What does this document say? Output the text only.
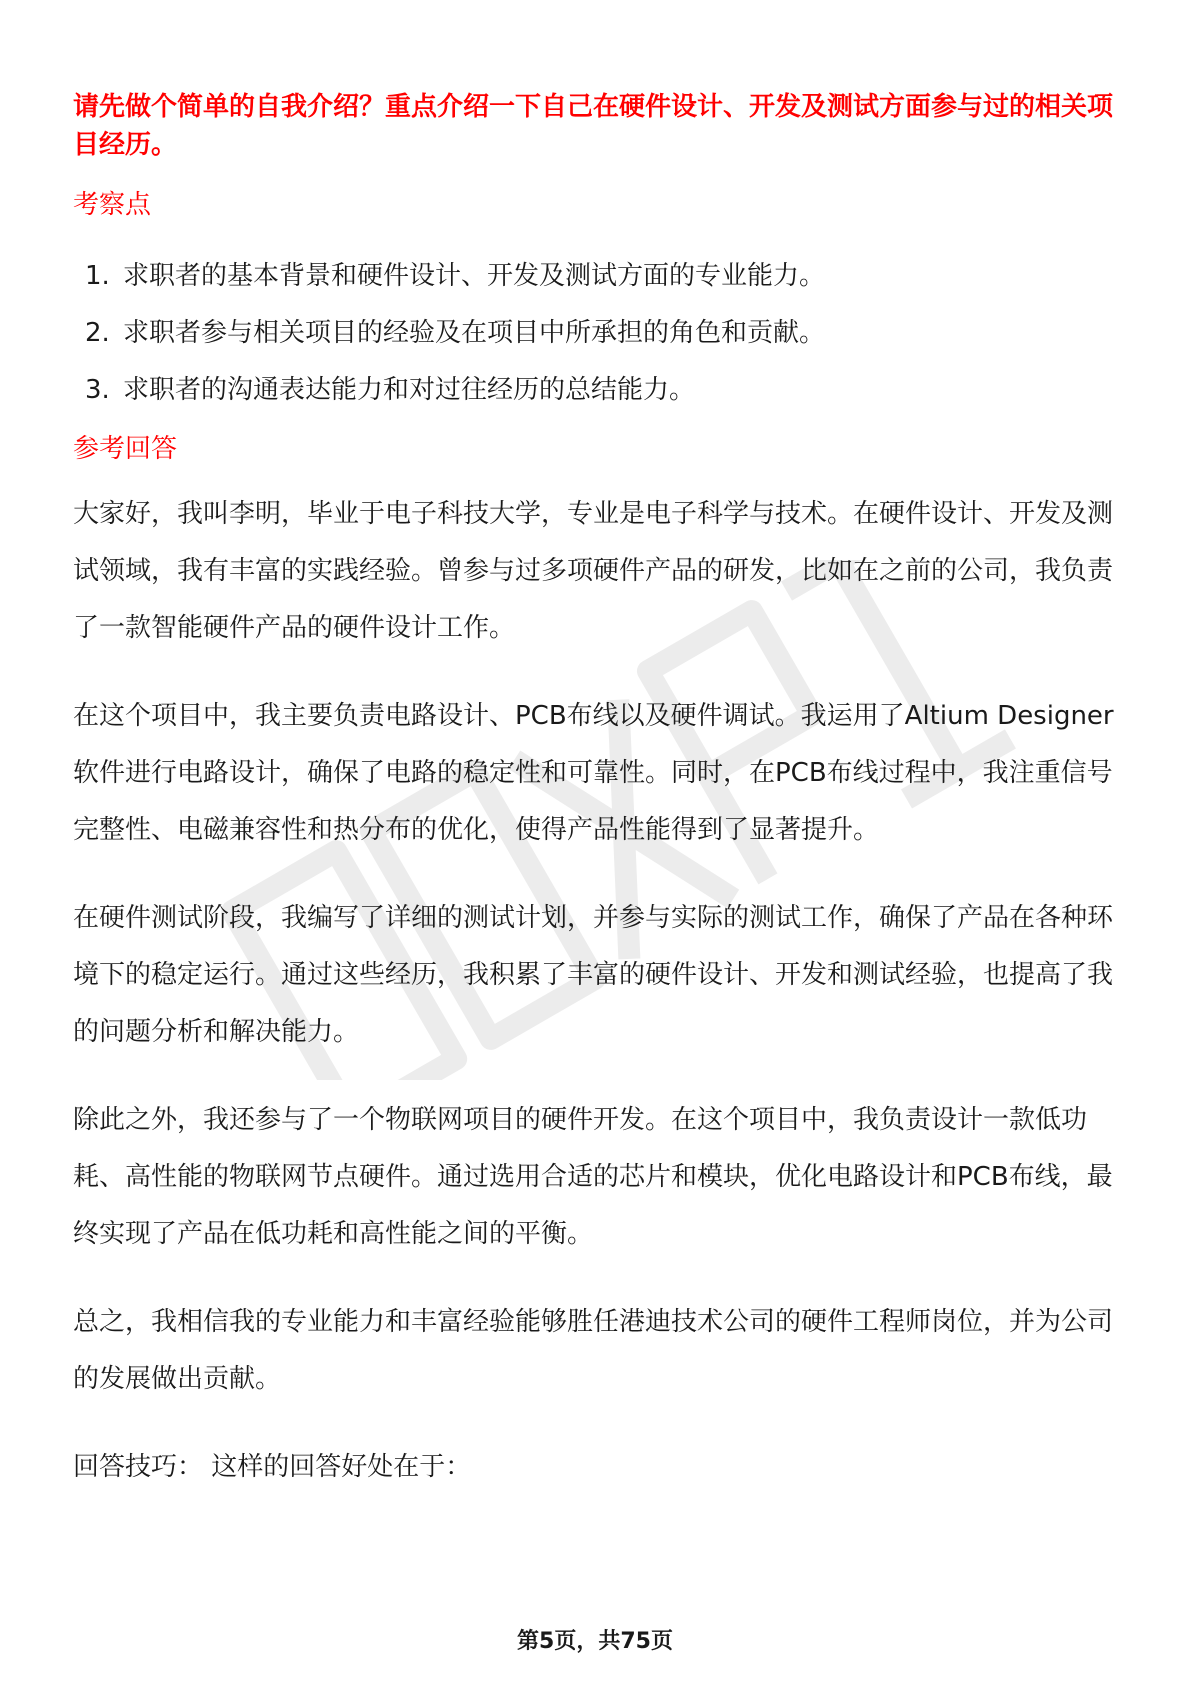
请先做个简单的自我介绍？重点介绍一下自己在硬件设计、开发及测试方面参与过的相关项目经历。

考察点

1. 求职者的基本背景和硬件设计、开发及测试方面的专业能力。
2. 求职者参与相关项目的经验及在项目中所承担的角色和贡献。
3. 求职者的沟通表达能力和对过往经历的总结能力。

参考回答

大家好，我叫李明，毕业于电子科技大学，专业是电子科学与技术。在硬件设计、开发及测试领域，我有丰富的实践经验。曾参与过多项硬件产品的研发，比如在之前的公司，我负责了一款智能硬件产品的硬件设计工作。

在这个项目中，我主要负责电路设计、PCB布线以及硬件调试。我运用了Altium Designer软件进行电路设计，确保了电路的稳定性和可靠性。同时，在PCB布线过程中，我注重信号完整性、电磁兼容性和热分布的优化，使得产品性能得到了显著提升。

在硬件测试阶段，我编写了详细的测试计划，并参与实际的测试工作，确保了产品在各种环境下的稳定运行。通过这些经历，我积累了丰富的硬件设计、开发和测试经验，也提高了我的问题分析和解决能力。

除此之外，我还参与了一个物联网项目的硬件开发。在这个项目中，我负责设计一款低功耗、高性能的物联网节点硬件。通过选用合适的芯片和模块，优化电路设计和PCB布线，最终实现了产品在低功耗和高性能之间的平衡。

总之，我相信我的专业能力和丰富经验能够胜任港迪技术公司的硬件工程师岗位，并为公司的发展做出贡献。

回答技巧： 这样的回答好处在于：

第5页，共75页
